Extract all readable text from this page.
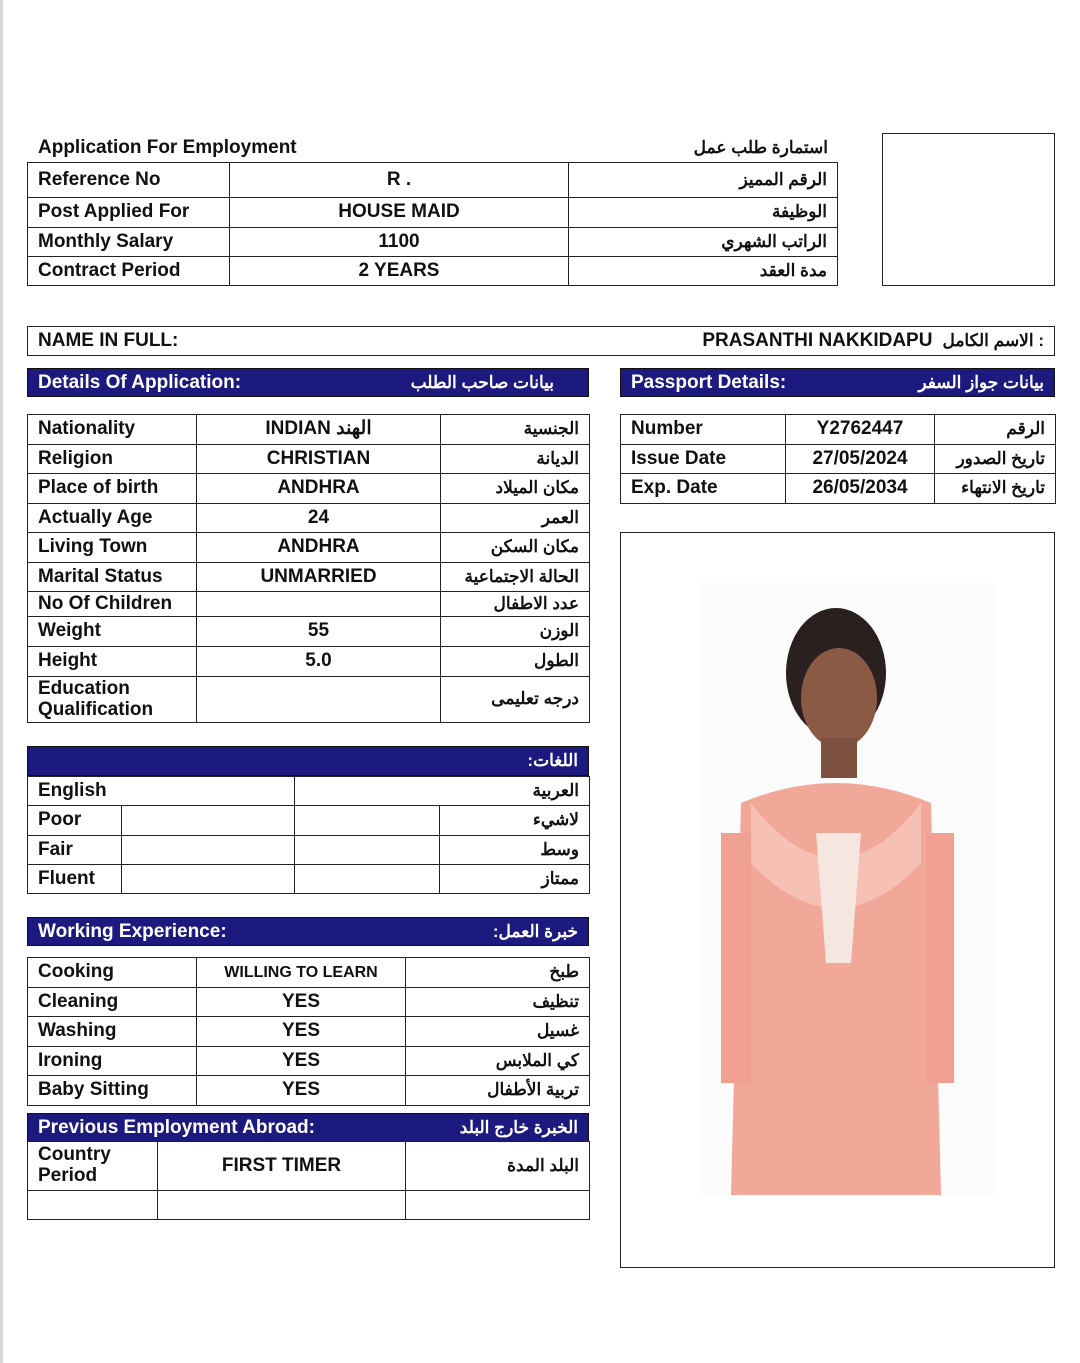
Application For Employment	استمارة طلب عمل
Reference No	R .	الرقم المميز
Post Applied For	HOUSE MAID	الوظيفة
Monthly Salary	1100	الراتب الشهري
Contract Period	2 YEARS	مدة العقد
NAME IN FULL:	PRASANTHI NAKKIDAPU : الاسم الكامل
Details Of Application:	بيانات صاحب الطلب	Passport Details:	بيانات جواز السفر
Nationality	INDIAN الهند	الجنسية
Religion	CHRISTIAN	الديانة
Place of birth	ANDHRA	مكان الميلاد
Actually Age	24	العمر
Living Town	ANDHRA	مكان السكن
Marital Status	UNMARRIED	الحالة الاجتماعية
No Of Children		عدد الاطفال
Weight	55	الوزن
Height	5.0	الطول
Education Qualification		درجه تعليمى
Number	Y2762447	الرقم
Issue Date	27/05/2024	تاريخ الصدور
Exp. Date	26/05/2034	تاريخ الانتهاء
اللغات:
English		العربية	
Poor			لاشيء
Fair			وسط
Fluent			ممتاز
Working Experience:	خبرة العمل:
Cooking	WILLING TO LEARN	طبخ
Cleaning	YES	تنظيف
Washing	YES	غسيل
Ironing	YES	كي الملابس
Baby Sitting	YES	تربية الأطفال
Previous Employment Abroad:	الخبرة خارج البلد
Country Period	FIRST TIMER	البلد المدة
